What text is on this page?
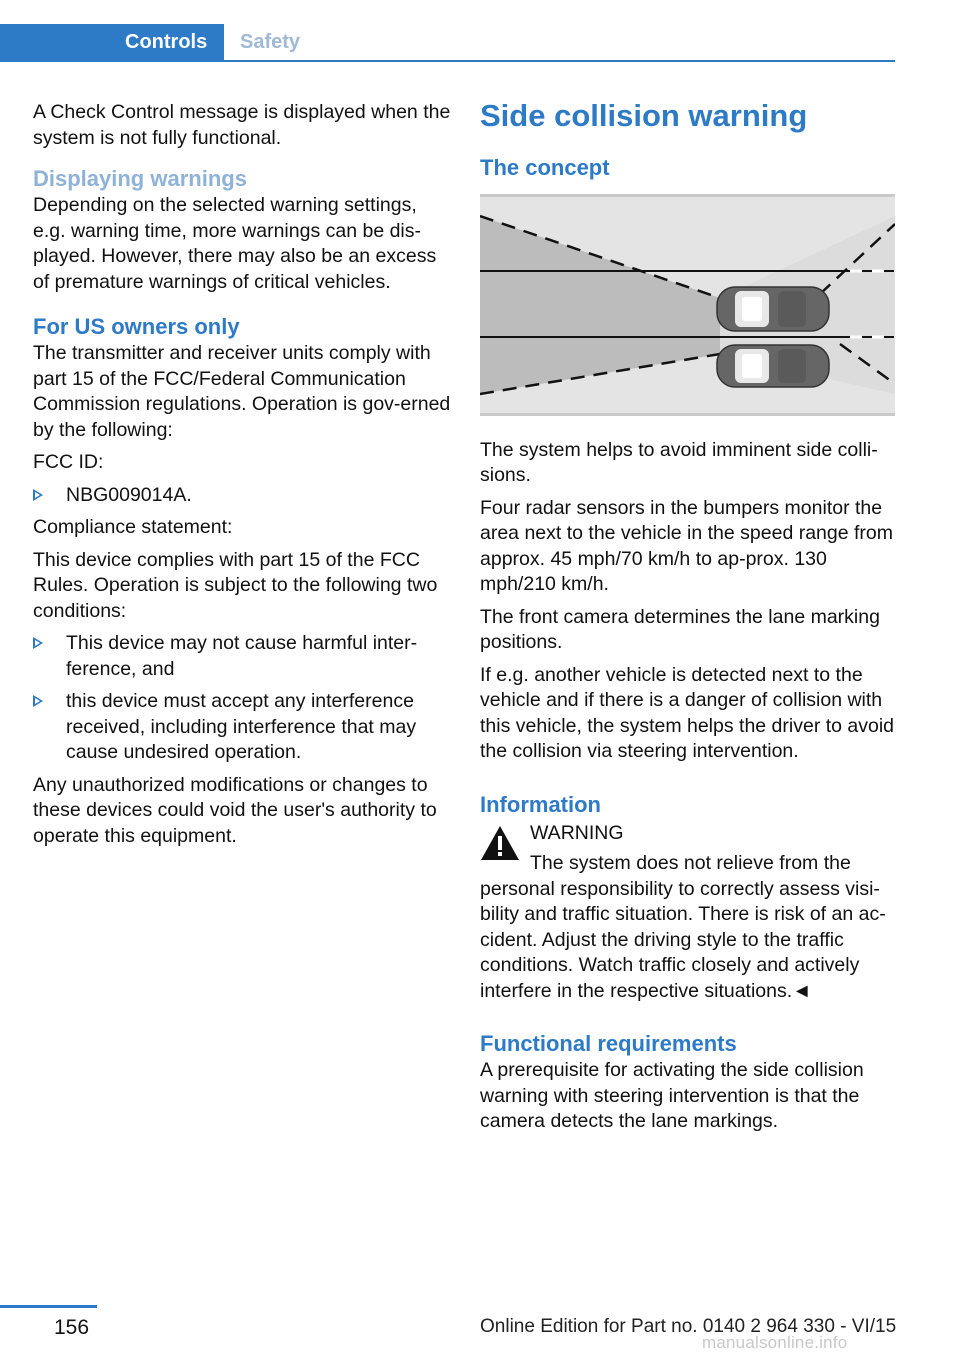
Controls	Safety

A Check Control message is displayed when the system is not fully functional.

Displaying warnings

Depending on the selected warning settings, e.g. warning time, more warnings can be dis-played. However, there may also be an excess of premature warnings of critical vehicles.

For US owners only

The transmitter and receiver units comply with part 15 of the FCC/Federal Communication Commission regulations. Operation is gov-erned by the following:

FCC ID:

NBG009014A.

Compliance statement:

This device complies with part 15 of the FCC Rules. Operation is subject to the following two conditions:

This device may not cause harmful inter-ference, and
this device must accept any interference received, including interference that may cause undesired operation.

Any unauthorized modifications or changes to these devices could void the user's authority to operate this equipment.

Side collision warning
The concept

The system helps to avoid imminent side colli-sions.

Four radar sensors in the bumpers monitor the area next to the vehicle in the speed range from approx. 45 mph/70 km/h to ap-prox. 130 mph/210 km/h.

The front camera determines the lane marking positions.

If e.g. another vehicle is detected next to the vehicle and if there is a danger of collision with this vehicle, the system helps the driver to avoid the collision via steering intervention.

Information
WARNING
The system does not relieve from the
personal responsibility to correctly assess visi-bility and traffic situation. There is risk of an ac-cident. Adjust the driving style to the traffic conditions. Watch traffic closely and actively interfere in the respective situations.◄
Functional requirements

A prerequisite for activating the side collision warning with steering intervention is that the camera detects the lane markings.

156	Online Edition for Part no. 0140 2 964 330 - VI/15
manualsonline.info
